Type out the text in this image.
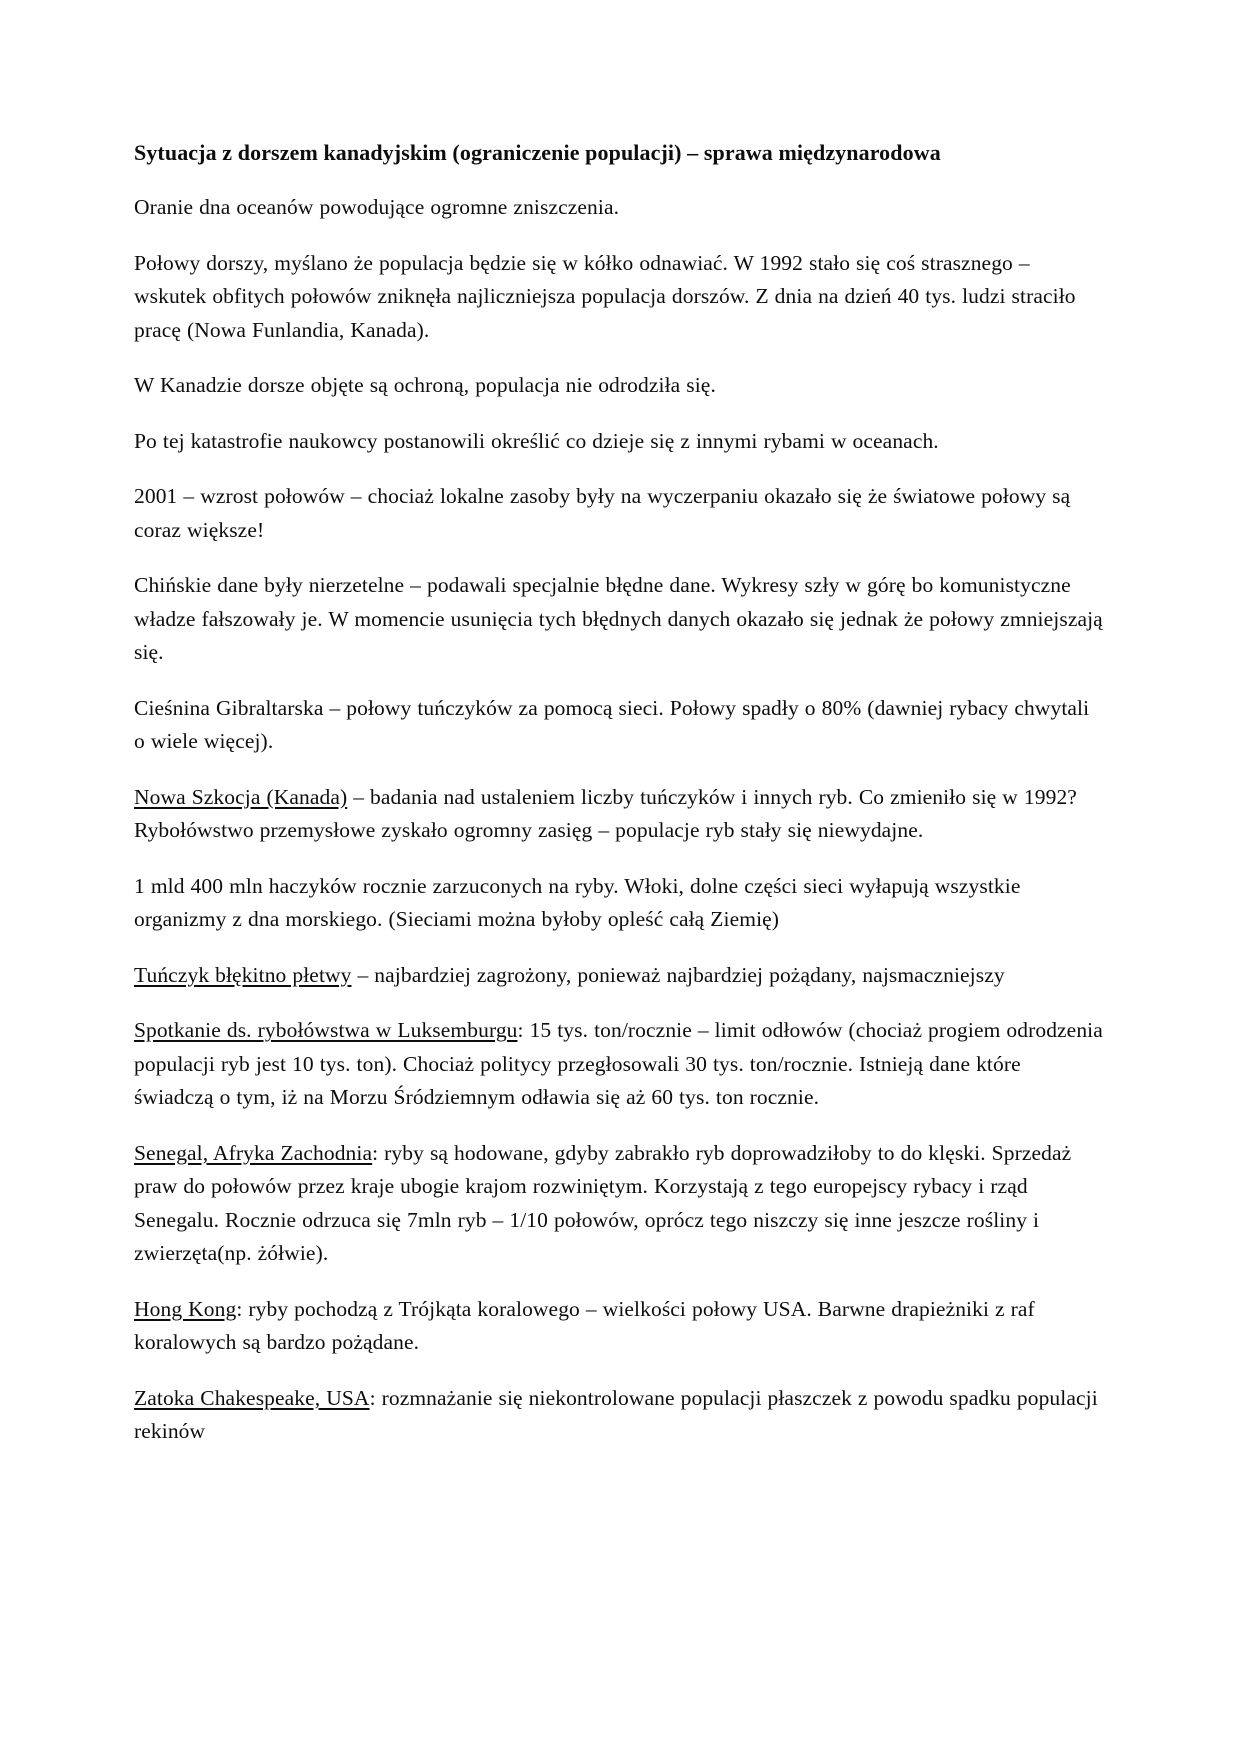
Sytuacja z dorszem kanadyjskim (ograniczenie populacji) – sprawa międzynarodowa

Oranie dna oceanów powodujące ogromne zniszczenia.

Połowy dorszy, myślano że populacja będzie się w kółko odnawiać. W 1992 stało się coś strasznego – wskutek obfitych połowów zniknęła najliczniejsza populacja dorszów. Z dnia na dzień 40 tys. ludzi straciło pracę (Nowa Funlandia, Kanada).

W Kanadzie dorsze objęte są ochroną, populacja nie odrodziła się.

Po tej katastrofie naukowcy postanowili określić co dzieje się z innymi rybami w oceanach.

2001 – wzrost połowów – chociaż lokalne zasoby były na wyczerpaniu okazało się że światowe połowy są coraz większe!

Chińskie dane były nierzetelne – podawali specjalnie błędne dane. Wykresy szły w górę bo komunistyczne władze fałszowały je. W momencie usunięcia tych błędnych danych okazało się jednak że połowy zmniejszają się.

Cieśnina Gibraltarska – połowy tuńczyków za pomocą sieci. Połowy spadły o 80% (dawniej rybacy chwytali o wiele więcej).

Nowa Szkocja (Kanada) – badania nad ustaleniem liczby tuńczyków i innych ryb. Co zmieniło się w 1992? Rybołówstwo przemysłowe zyskało ogromny zasięg – populacje ryb stały się niewydajne.

1 mld 400 mln haczyków rocznie zarzuconych na ryby. Włoki, dolne części sieci wyłapują wszystkie organizmy z dna morskiego. (Sieciami można byłoby opleść całą Ziemię)

Tuńczyk błękitno płetwy – najbardziej zagrożony, ponieważ najbardziej pożądany, najsmaczniejszy

Spotkanie ds. rybołówstwa w Luksemburgu: 15 tys. ton/rocznie – limit odłowów (chociaż progiem odrodzenia populacji ryb jest 10 tys. ton). Chociaż politycy przegłosowali 30 tys. ton/rocznie. Istnieją dane które świadczą o tym, iż na Morzu Śródziemnym odławia się aż 60 tys. ton rocznie.

Senegal, Afryka Zachodnia: ryby są hodowane, gdyby zabrakło ryb doprowadziłoby to do klęski. Sprzedaż praw do połowów przez kraje ubogie krajom rozwiniętym. Korzystają z tego europejscy rybacy i rząd Senegalu. Rocznie odrzuca się 7mln ryb – 1/10 połowów, oprócz tego niszczy się inne jeszcze rośliny i zwierzęta(np. żółwie).

Hong Kong: ryby pochodzą z Trójkąta koralowego – wielkości połowy USA. Barwne drapieżniki z raf koralowych są bardzo pożądane.

Zatoka Chakespeake, USA: rozmnażanie się niekontrolowane populacji płaszczek z powodu spadku populacji rekinów
